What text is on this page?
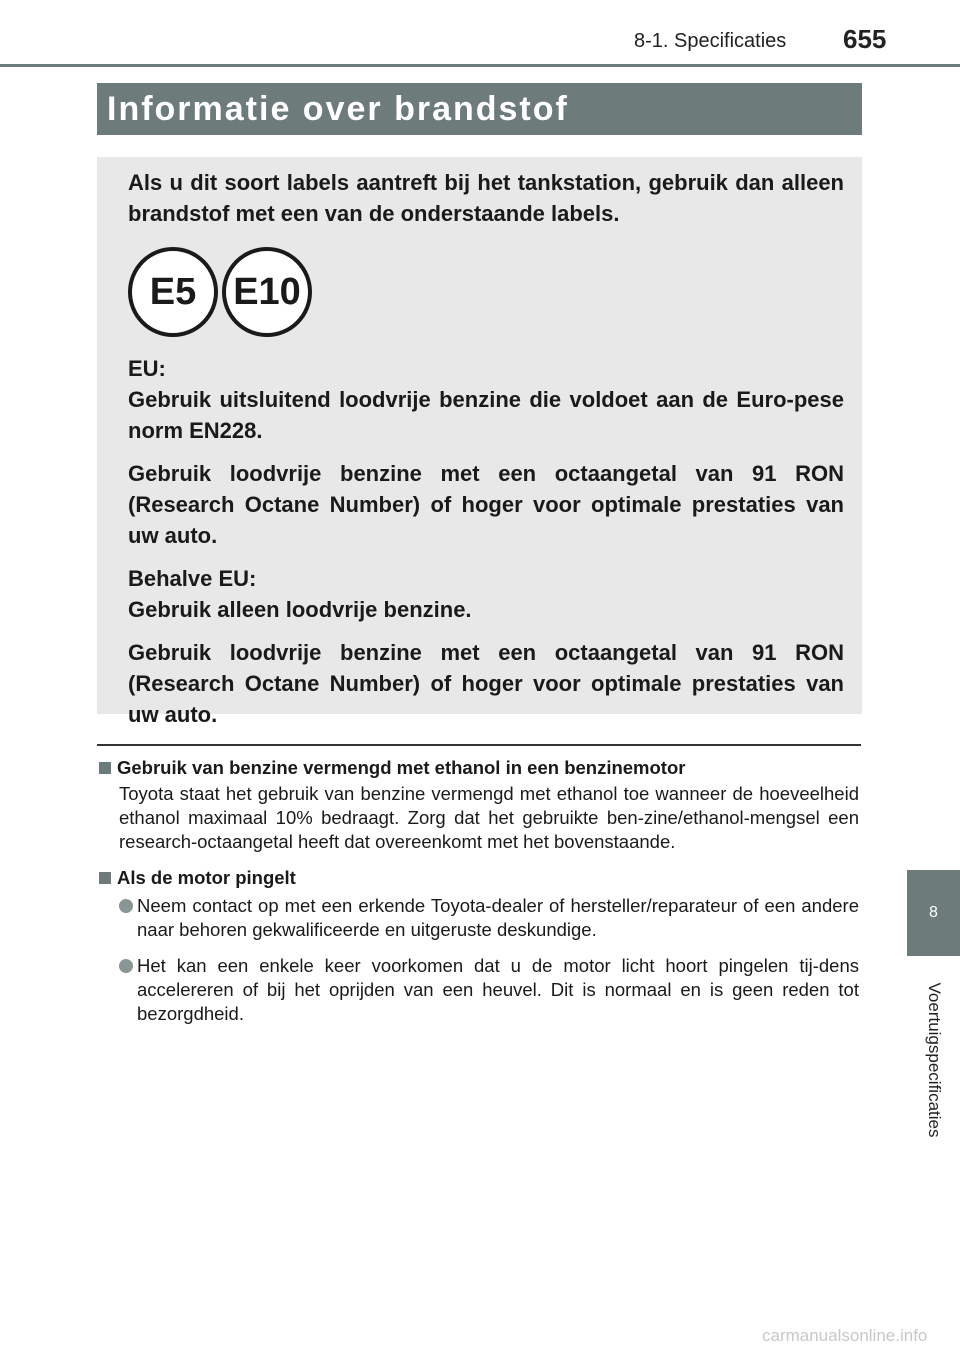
8-1. Specificaties 655
8
Voertuigspecificaties
Informatie over brandstof

Als u dit soort labels aantreft bij het tankstation, gebruik dan alleen brandstof met een van de onderstaande labels.

E5 E10

EU:

Gebruik uitsluitend loodvrije benzine die voldoet aan de Euro-pese norm EN228.

Gebruik loodvrije benzine met een octaangetal van 91 RON (Research Octane Number) of hoger voor optimale prestaties van uw auto.

Behalve EU:

Gebruik alleen loodvrije benzine.

Gebruik loodvrije benzine met een octaangetal van 91 RON (Research Octane Number) of hoger voor optimale prestaties van uw auto.

Gebruik van benzine vermengd met ethanol in een benzinemotor

Toyota staat het gebruik van benzine vermengd met ethanol toe wanneer de hoeveelheid ethanol maximaal 10% bedraagt. Zorg dat het gebruikte ben-zine/ethanol-mengsel een research-octaangetal heeft dat overeenkomt met het bovenstaande.

Als de motor pingelt

Neem contact op met een erkende Toyota-dealer of hersteller/reparateur of een andere naar behoren gekwalificeerde en uitgeruste deskundige.
Het kan een enkele keer voorkomen dat u de motor licht hoort pingelen tij-dens accelereren of bij het oprijden van een heuvel. Dit is normaal en is geen reden tot bezorgdheid.
carmanualsonline.info
